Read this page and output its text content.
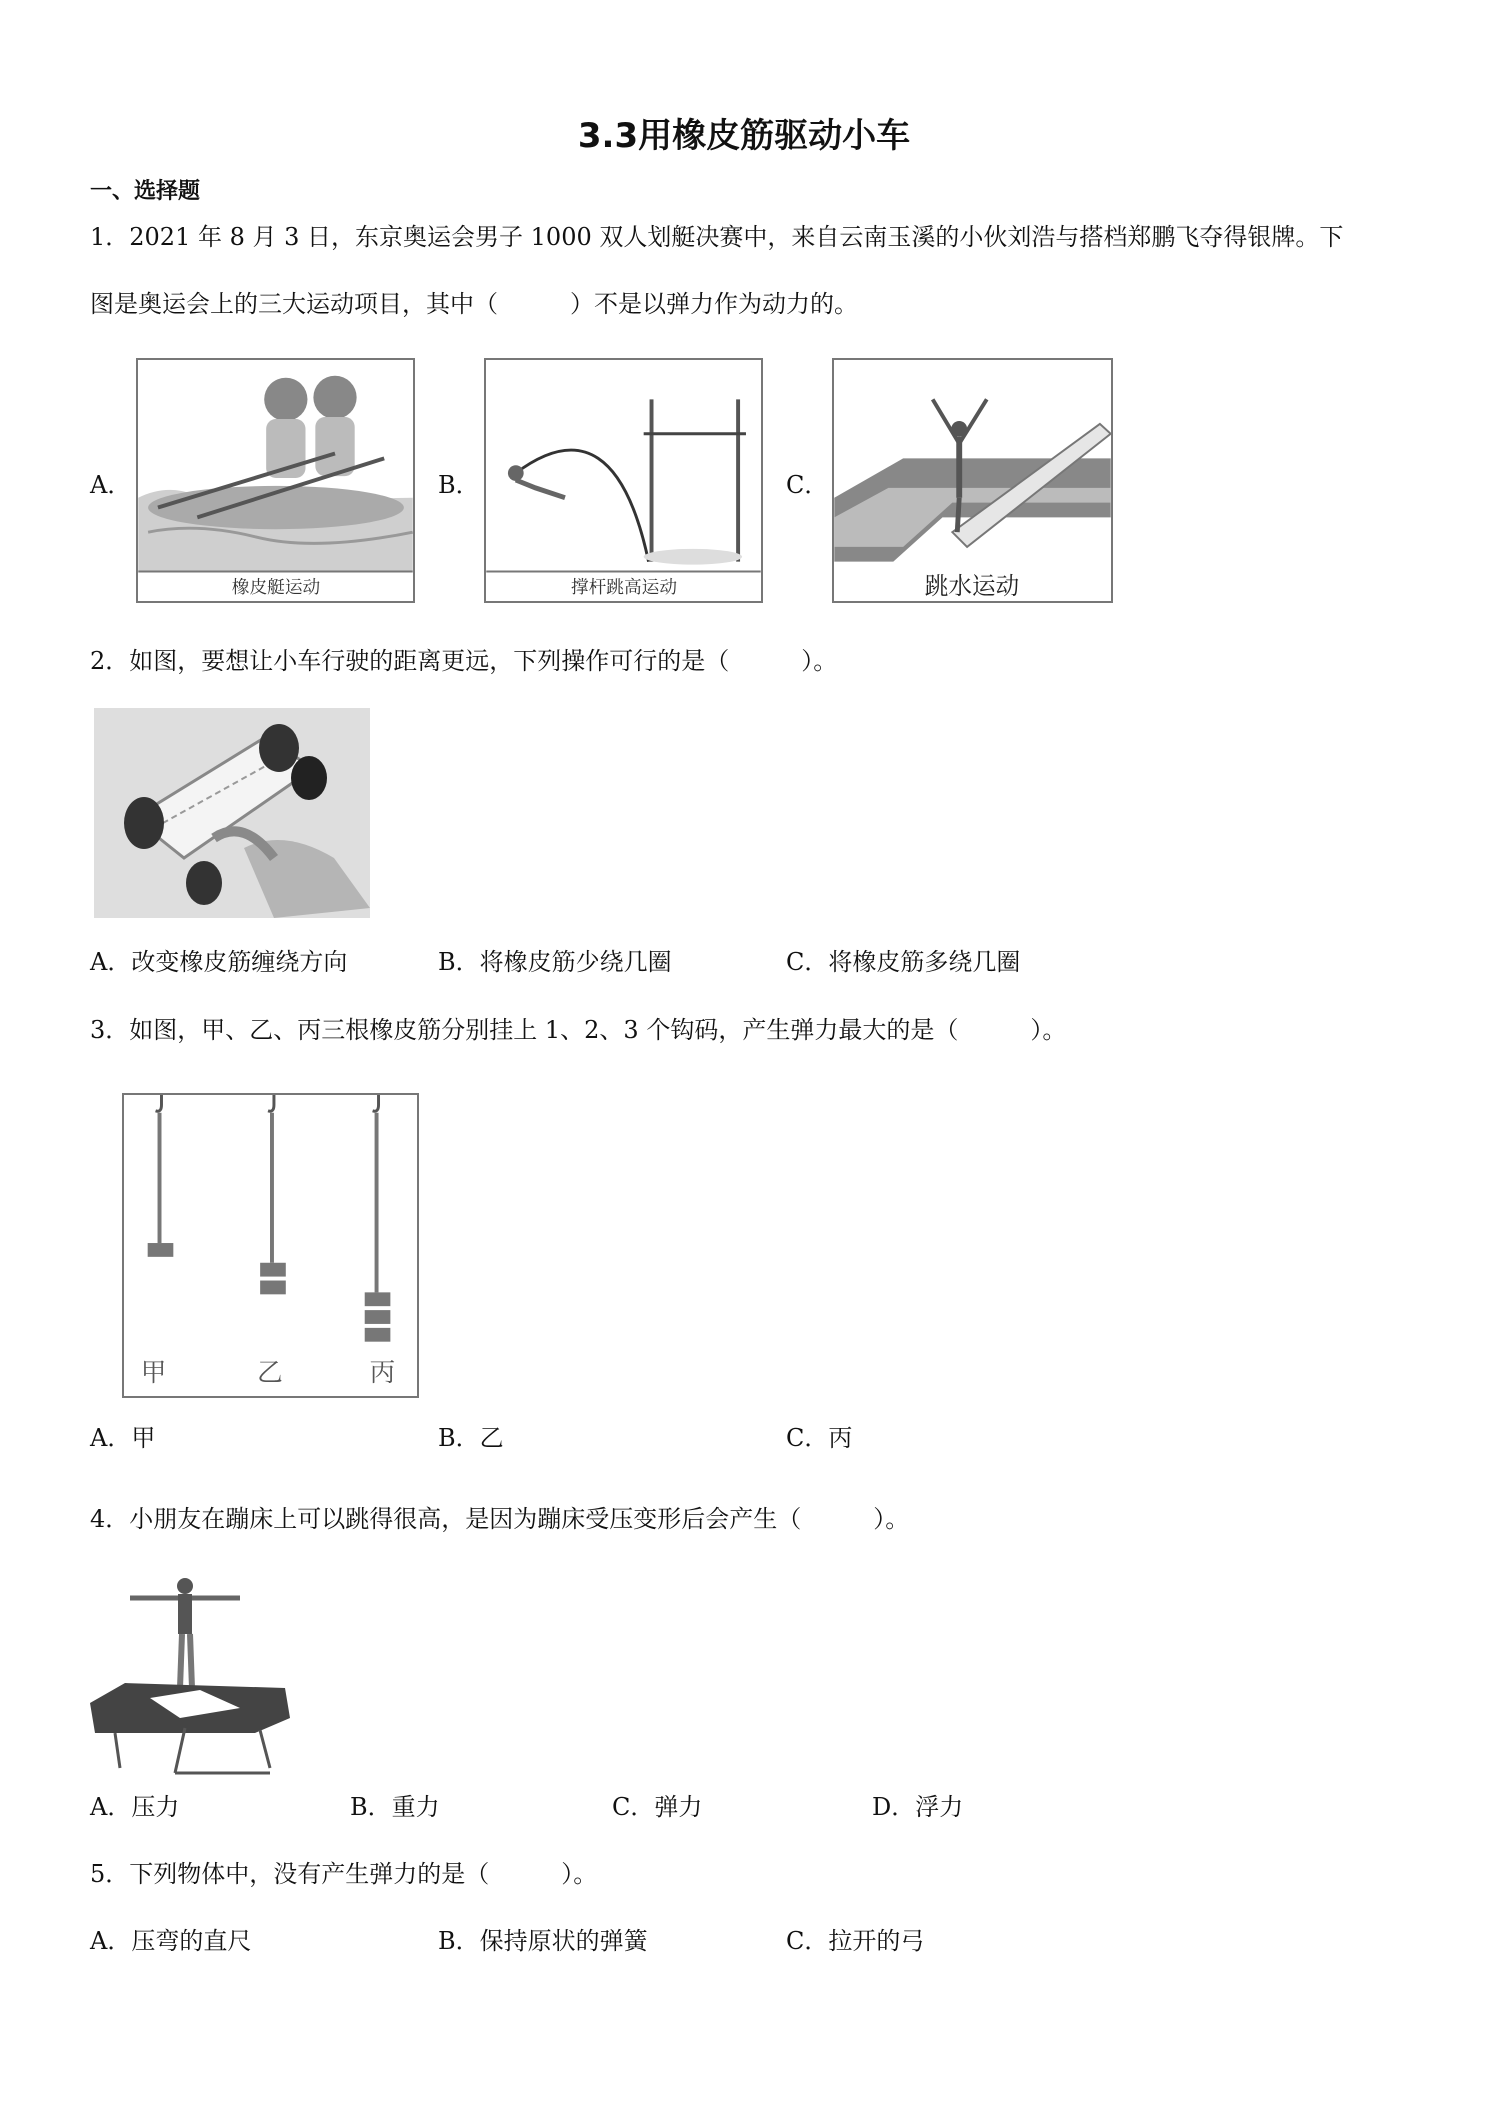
3.3用橡皮筋驱动小车
一、选择题
1．2021 年 8 月 3 日，东京奥运会男子 1000 双人划艇决赛中，来自云南玉溪的小伙刘浩与搭档郑鹏飞夺得银牌。下
图是奥运会上的三大运动项目，其中（　　　）不是以弹力作为动力的。
A．
橡皮艇运动
B．
撑杆跳高运动
C．
跳水运动
2．如图，要想让小车行驶的距离更远，下列操作可行的是（　　　）。
A．改变橡皮筋缠绕方向	B．将橡皮筋少绕几圈	C．将橡皮筋多绕几圈
3．如图，甲、乙、丙三根橡皮筋分别挂上 1、2、3 个钩码，产生弹力最大的是（　　　）。
甲	乙	丙
A．甲	B．乙	C．丙
4．小朋友在蹦床上可以跳得很高，是因为蹦床受压变形后会产生（　　　）。
A．压力	B．重力	C．弹力	D．浮力
5．下列物体中，没有产生弹力的是（　　　）。
A．压弯的直尺	B．保持原状的弹簧	C．拉开的弓
